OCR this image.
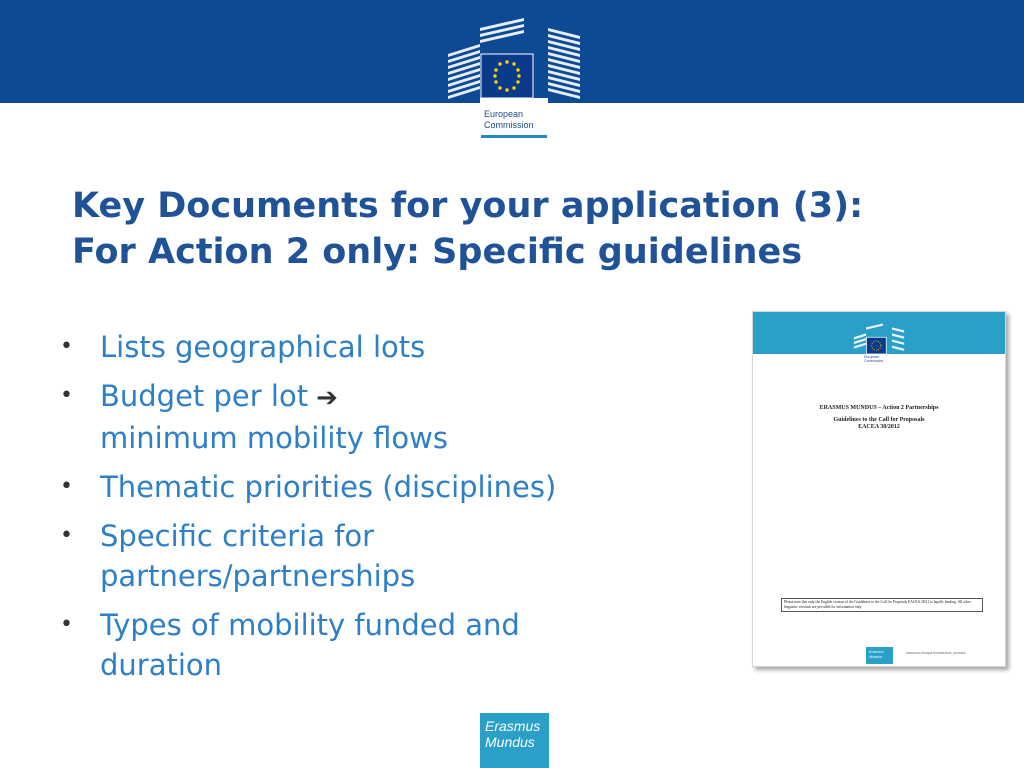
European
Commission
Key Documents for your application (3):
For Action 2 only: Specific guidelines
• Lists geographical lots
• Budget per lot ➔
minimum mobility flows
• Thematic priorities (disciplines)
• Specific criteria for
partners/partnerships
• Types of mobility funded and
duration
European
Commission
ERASMUS MUNDUS – Action 2 Partnerships
Guidelines to the Call for Proposals
EACEA 38/2012
Please note that only the English version of the Guidelines to the Call for Proposals EACEA 38/12 is legally binding. All other linguistic versions are provided for information only.
Erasmus
Mundus
eacea.ec.europa.eu/erasmus_mundus
Erasmus
Mundus
